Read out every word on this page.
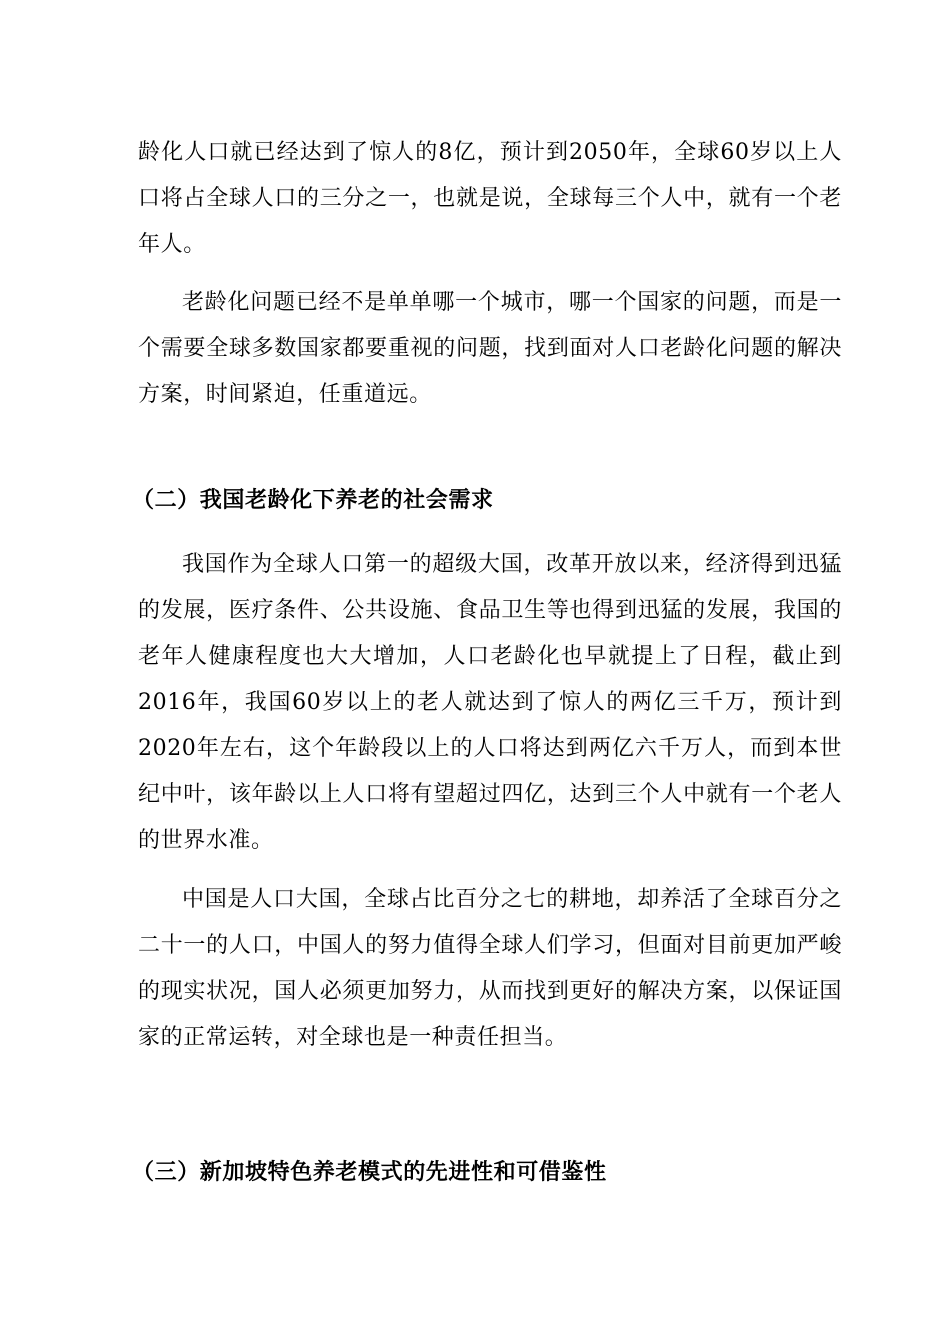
龄化人口就已经达到了惊人的8亿，预计到2050年，全球60岁以上人口将占全球人口的三分之一，也就是说，全球每三个人中，就有一个老年人。

老龄化问题已经不是单单哪一个城市，哪一个国家的问题，而是一个需要全球多数国家都要重视的问题，找到面对人口老龄化问题的解决方案，时间紧迫，任重道远。

（二）我国老龄化下养老的社会需求

我国作为全球人口第一的超级大国，改革开放以来，经济得到迅猛的发展，医疗条件、公共设施、食品卫生等也得到迅猛的发展，我国的老年人健康程度也大大增加，人口老龄化也早就提上了日程，截止到2016年，我国60岁以上的老人就达到了惊人的两亿三千万，预计到2020年左右，这个年龄段以上的人口将达到两亿六千万人，而到本世纪中叶，该年龄以上人口将有望超过四亿，达到三个人中就有一个老人的世界水准。

中国是人口大国，全球占比百分之七的耕地，却养活了全球百分之二十一的人口，中国人的努力值得全球人们学习，但面对目前更加严峻的现实状况，国人必须更加努力，从而找到更好的解决方案，以保证国家的正常运转，对全球也是一种责任担当。

（三）新加坡特色养老模式的先进性和可借鉴性
